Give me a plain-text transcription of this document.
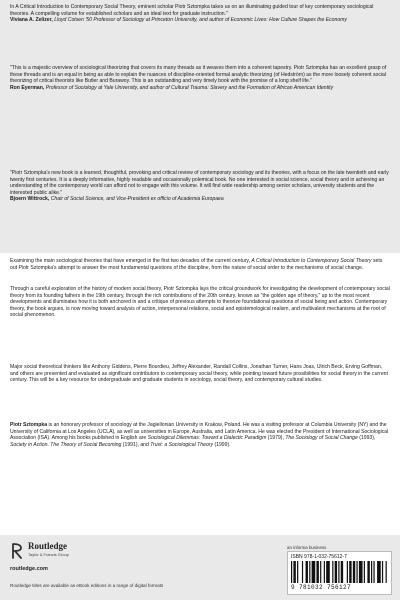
In A Critical Introduction to Contemporary Social Theory, eminent scholar Piotr Sztompka takes us on an illuminating guided tour of key contemporary sociological theories. A compelling volume for established scholars and an ideal text for graduate instruction."

Viviana A. Zelizer, Lloyd Cotsen '50 Professor of Sociology at Princeton University, and author of Economic Lives: How Culture Shapes the Economy

"This is a majestic overview of sociological theorizing that covers its many threads as it weaves them into a coherent tapestry. Piotr Sztompka has an excellent grasp of these threads and is an equal in being as able to explain the nuances of discipline-oriented formal analytic theorizing (of Hedström) as the more loosely coherent social theorizing of critical theorists like Butler and Burawoy. This is an outstanding and very timely book with the promise of a long shelf life."

Ron Eyerman, Professor of Sociology at Yale University, and author of Cultural Trauma: Slavery and the Formation of African American Identity

"Piotr Sztompka's new book is a learned, thoughtful, provoking and critical review of contemporary sociology and its theories, with a focus on the late twentieth and early twenty first centuries. It is a deeply informative, highly readable and occasionally polemical book. No one interested in social science, social theory and in achieving an understanding of the contemporary world can afford not to engage with this volume. It will find wide readership among senior scholars, university students and the interested public alike."

Bjoern Wittrock, Chair of Social Science, and Vice-President ex officio of Academia Europaea

Examining the main sociological theories that have emerged in the first two decades of the current century, A Critical Introduction to Contemporary Social Theory sets out Piotr Sztompka's attempt to answer the most fundamental questions of the discipline, from the nature of social order to the mechanisms of social change.

Through a careful exploration of the history of modern social theory, Piotr Sztompka lays the critical groundwork for investigating the development of contemporary social theory from its founding fathers in the 19th century, through the rich contributions of the 20th century, known as "the golden age of theory," up to the most recent developments and illuminates how it is both anchored in and a critique of previous attempts to theorize foundational questions of social being and action. Contemporary theory, the book argues, is now moving toward analysis of action, interpersonal relations, social and epistemological realism, and multivalent mechanisms at the root of social phenomenon.

Major social theoretical thinkers like Anthony Giddens, Pierre Bourdieu, Jeffrey Alexander, Randall Collins, Jonathan Turner, Hans Joas, Ulrich Beck, Erving Goffman, and others are presented and evaluated as significant contributors to contemporary social theory, while pointing toward future possibilities for social theory in the current century. This will be a key resource for undergraduate and graduate students in sociology, social theory, and contemporary cultural studies.

Piotr Sztompka is an honorary professor of sociology at the Jagiellonian University in Krakow, Poland. He was a visiting professor at Columbia University (NY) and the University of California at Los Angeles (UCLA), as well as universities in Europe, Australia, and Latin America. He was elected the President of International Sociological Association (ISA). Among his books published in English are Sociological Dilemmas: Toward a Dialectic Paradigm (1979), The Sociology of Social Change (1993), Society in Action. The Theory of Social Becoming (1991), and Trust: a Sociological Theory (1999).

Routledge
Taylor & Francis Group
routledge.com
Routledge titles are available as eBook editions in a range of digital formats
an informa business
ISBN 978-1-032-75612-7
9 781032 756127
